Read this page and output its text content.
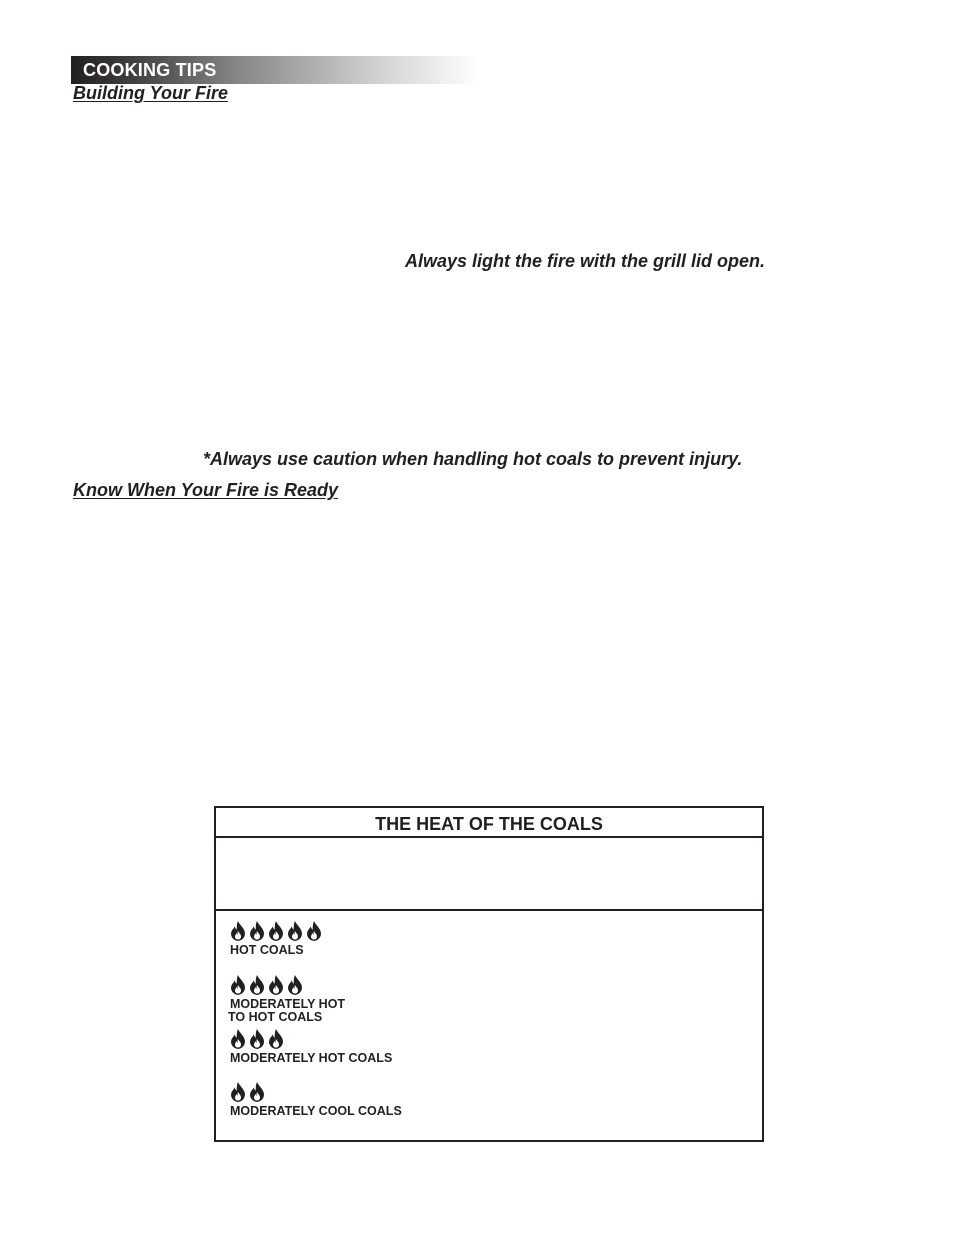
COOKING TIPS
Building Your Fire
Always light the fire with the grill lid open.
*Always use caution when handling hot coals to prevent injury.
Know When Your Fire is Ready
THE HEAT OF THE COALS
HOT COALS
MODERATELY HOT
TO HOT COALS
MODERATELY HOT COALS
MODERATELY COOL COALS
